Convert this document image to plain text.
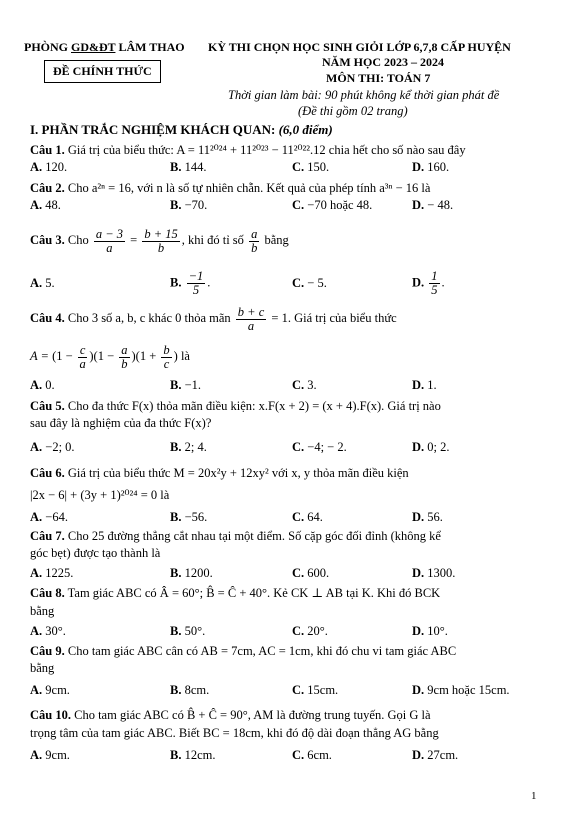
PHÒNG GD&ĐT LÂM THAO KỲ THI CHỌN HỌC SINH GIỎI LỚP 6,7,8 CẤP HUYỆN
ĐỀ CHÍNH THỨC
NĂM HỌC 2023 – 2024
MÔN THI: TOÁN 7
Thời gian làm bài: 90 phút không kể thời gian phát đề
(Đề thi gồm 02 trang)
I. PHẦN TRẮC NGHIỆM KHÁCH QUAN: (6,0 điểm)
Câu 1. Giá trị của biểu thức: A = 11²⁰²⁴ + 11²⁰²³ − 11²⁰²².12 chia hết cho số nào sau đây
A. 120.	B. 144.	C. 150.	D. 160.
Câu 2. Cho a²ⁿ = 16, với n là số tự nhiên chẵn. Kết quả của phép tính a³ⁿ − 16 là
A. 48.	B. −70.	C. −70 hoặc 48.	D. − 48.
Câu 3. Cho $\frac{a - 3}{a} = \frac{b + 15}{b}$ , khi đó tỉ số $\frac{a}{b}$ bằng
A. 5.	B. $\frac{-1}{5}$ .	C. − 5.	D. $\frac{1}{5}$ .
Câu 4. Cho 3 số a, b, c khác 0 thỏa mãn $\frac{b + c}{a} = 1$. Giá trị của biểu thức
$A = (1 - \frac{c}{a} )(1 - \frac{a}{b} )(1 + \frac{b}{c}$ ) là
A. 0.	B. −1.	C. 3.	D. 1.
Câu 5. Cho đa thức F(x) thỏa mãn điều kiện: x.F(x + 2) = (x + 4).F(x). Giá trị nào
sau đây là nghiệm của đa thức F(x)?
A. −2; 0.	B. 2; 4.	C. −4; − 2.	D. 0; 2.
Câu 6. Giá trị của biểu thức M = 20x²y + 12xy² với x, y thỏa mãn điều kiện
|2x − 6| + (3y + 1)²⁰²⁴ = 0 là
A. −64.	B. −56.	C. 64.	D. 56.
Câu 7. Cho 25 đường thẳng cắt nhau tại một điểm. Số cặp góc đối đỉnh (không kể
góc bẹt) được tạo thành là
A. 1225.	B. 1200.	C. 600.	D. 1300.
Câu 8. Tam giác ABC có Â = 60°; B̂ = Ĉ + 40°. Kẻ CK ⊥ AB tại K. Khi đó BCK
bằng
A. 30°.	B. 50°.	C. 20°.	D. 10°.
Câu 9. Cho tam giác ABC cân có AB = 7cm, AC = 1cm, khi đó chu vi tam giác ABC
bằng
A. 9cm.	B. 8cm.	C. 15cm.	D. 9cm hoặc 15cm.
Câu 10. Cho tam giác ABC có B̂ + Ĉ = 90°, AM là đường trung tuyến. Gọi G là
trọng tâm của tam giác ABC. Biết BC = 18cm, khi đó độ dài đoạn thẳng AG bằng
A. 9cm.	B. 12cm.	C. 6cm.	D. 27cm.
1
